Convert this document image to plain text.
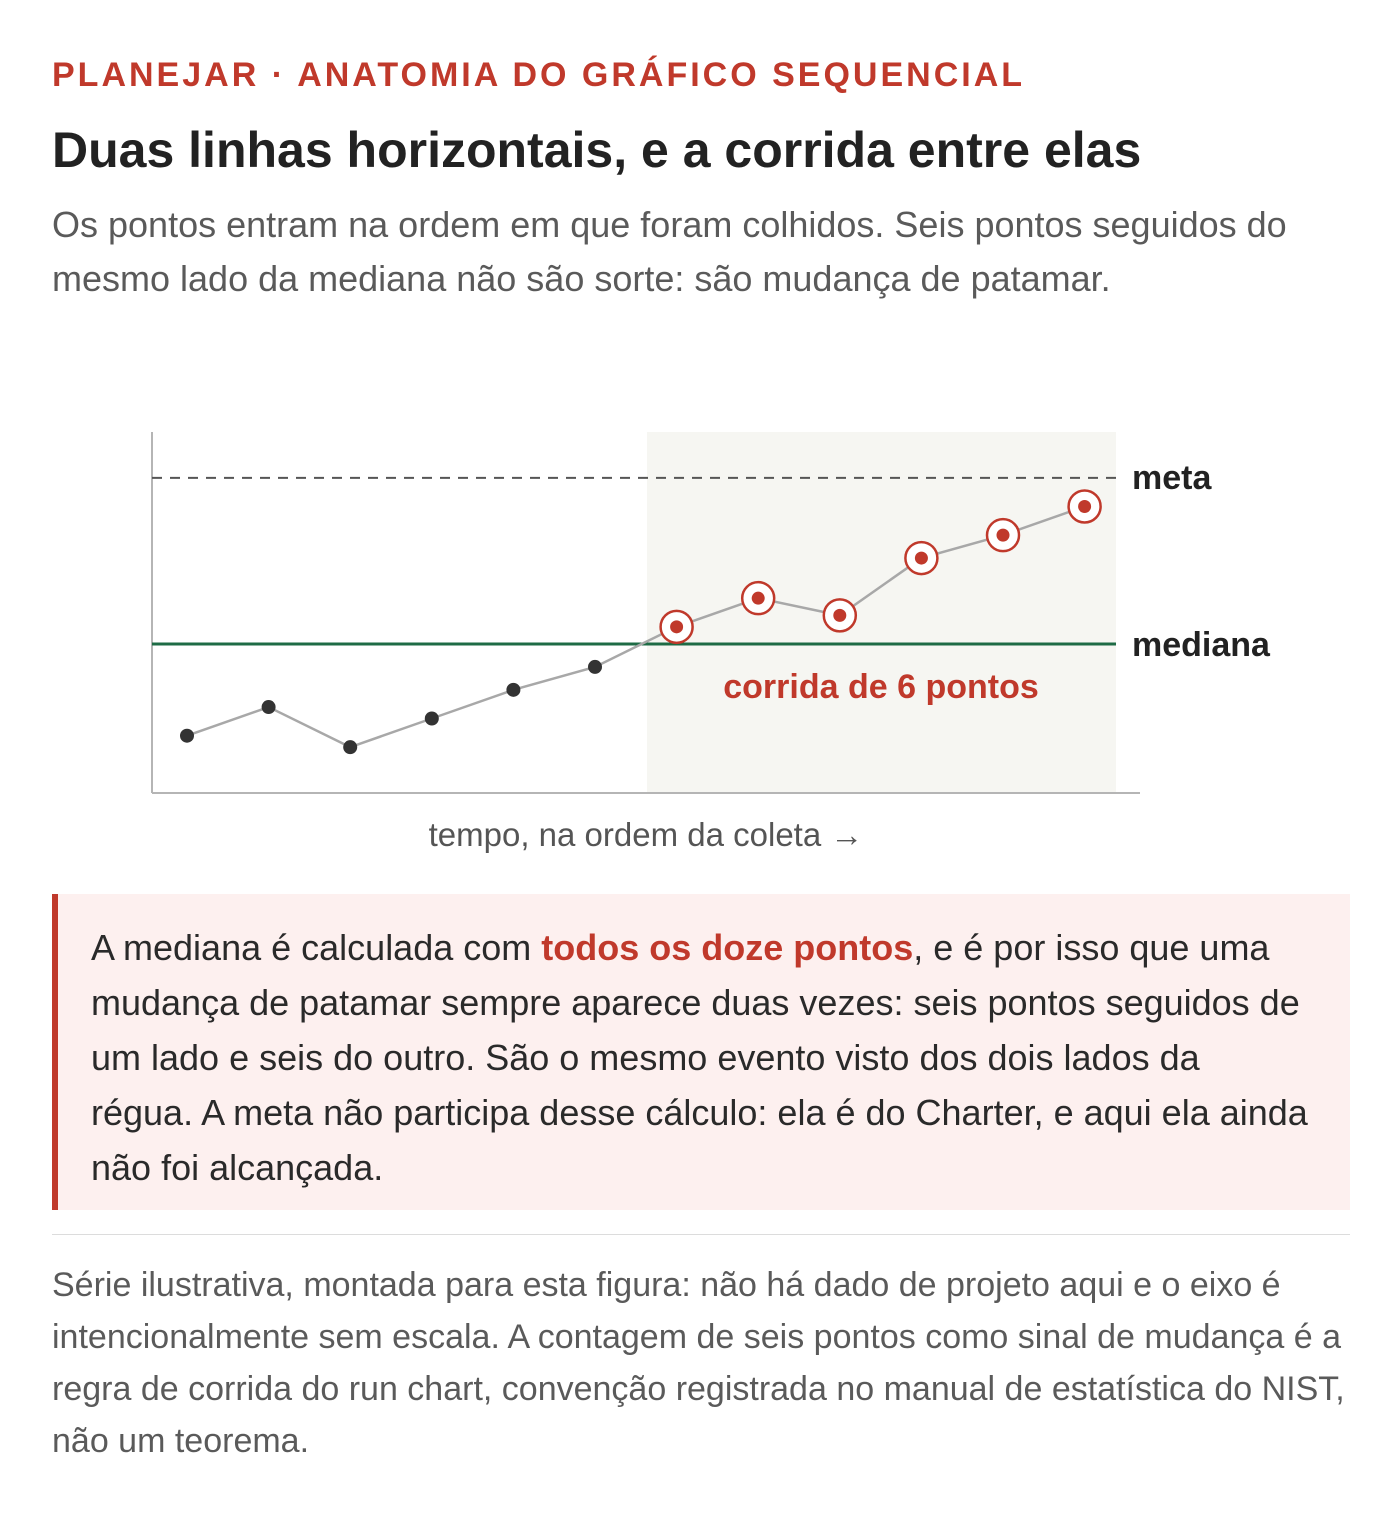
PLANEJAR · ANATOMIA DO GRÁFICO SEQUENCIAL
Duas linhas horizontais, e a corrida entre elas

Os pontos entram na ordem em que foram colhidos. Seis pontos seguidos do mesmo lado da mediana não são sorte: são mudança de patamar.

meta
mediana
corrida de 6 pontos
tempo, na ordem da coleta →
A mediana é calculada com todos os doze pontos, e é por isso que uma mudança de patamar sempre aparece duas vezes: seis pontos seguidos de um lado e seis do outro. São o mesmo evento visto dos dois lados da régua. A meta não participa desse cálculo: ela é do Charter, e aqui ela ainda não foi alcançada.

Série ilustrativa, montada para esta figura: não há dado de projeto aqui e o eixo é intencionalmente sem escala. A contagem de seis pontos como sinal de mudança é a regra de corrida do run chart, convenção registrada no manual de estatística do NIST, não um teorema.
